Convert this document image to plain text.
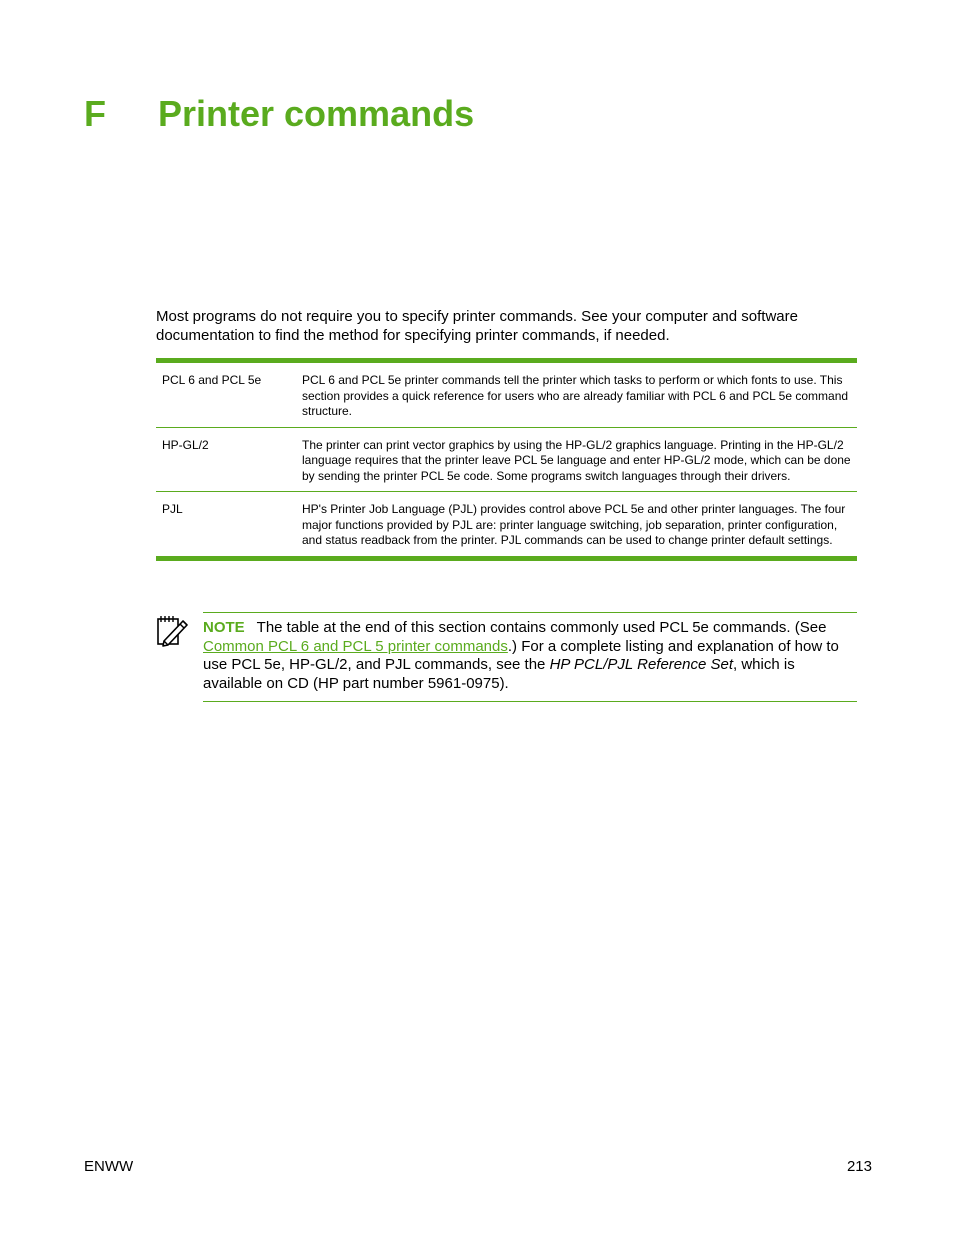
F Printer commands

Most programs do not require you to specify printer commands. See your computer and software documentation to find the method for specifying printer commands, if needed.

PCL 6 and PCL 5e	PCL 6 and PCL 5e printer commands tell the printer which tasks to perform or which fonts to use. This section provides a quick reference for users who are already familiar with PCL 6 and PCL 5e command structure.
HP-GL/2	The printer can print vector graphics by using the HP-GL/2 graphics language. Printing in the HP-GL/2 language requires that the printer leave PCL 5e language and enter HP-GL/2 mode, which can be done by sending the printer PCL 5e code. Some programs switch languages through their drivers.
PJL	HP's Printer Job Language (PJL) provides control above PCL 5e and other printer languages. The four major functions provided by PJL are: printer language switching, job separation, printer configuration, and status readback from the printer. PJL commands can be used to change printer default settings.
NOTE The table at the end of this section contains commonly used PCL 5e commands. (See Common PCL 6 and PCL 5 printer commands.) For a complete listing and explanation of how to use PCL 5e, HP-GL/2, and PJL commands, see the HP PCL/PJL Reference Set, which is available on CD (HP part number 5961-0975).
ENWW	213
